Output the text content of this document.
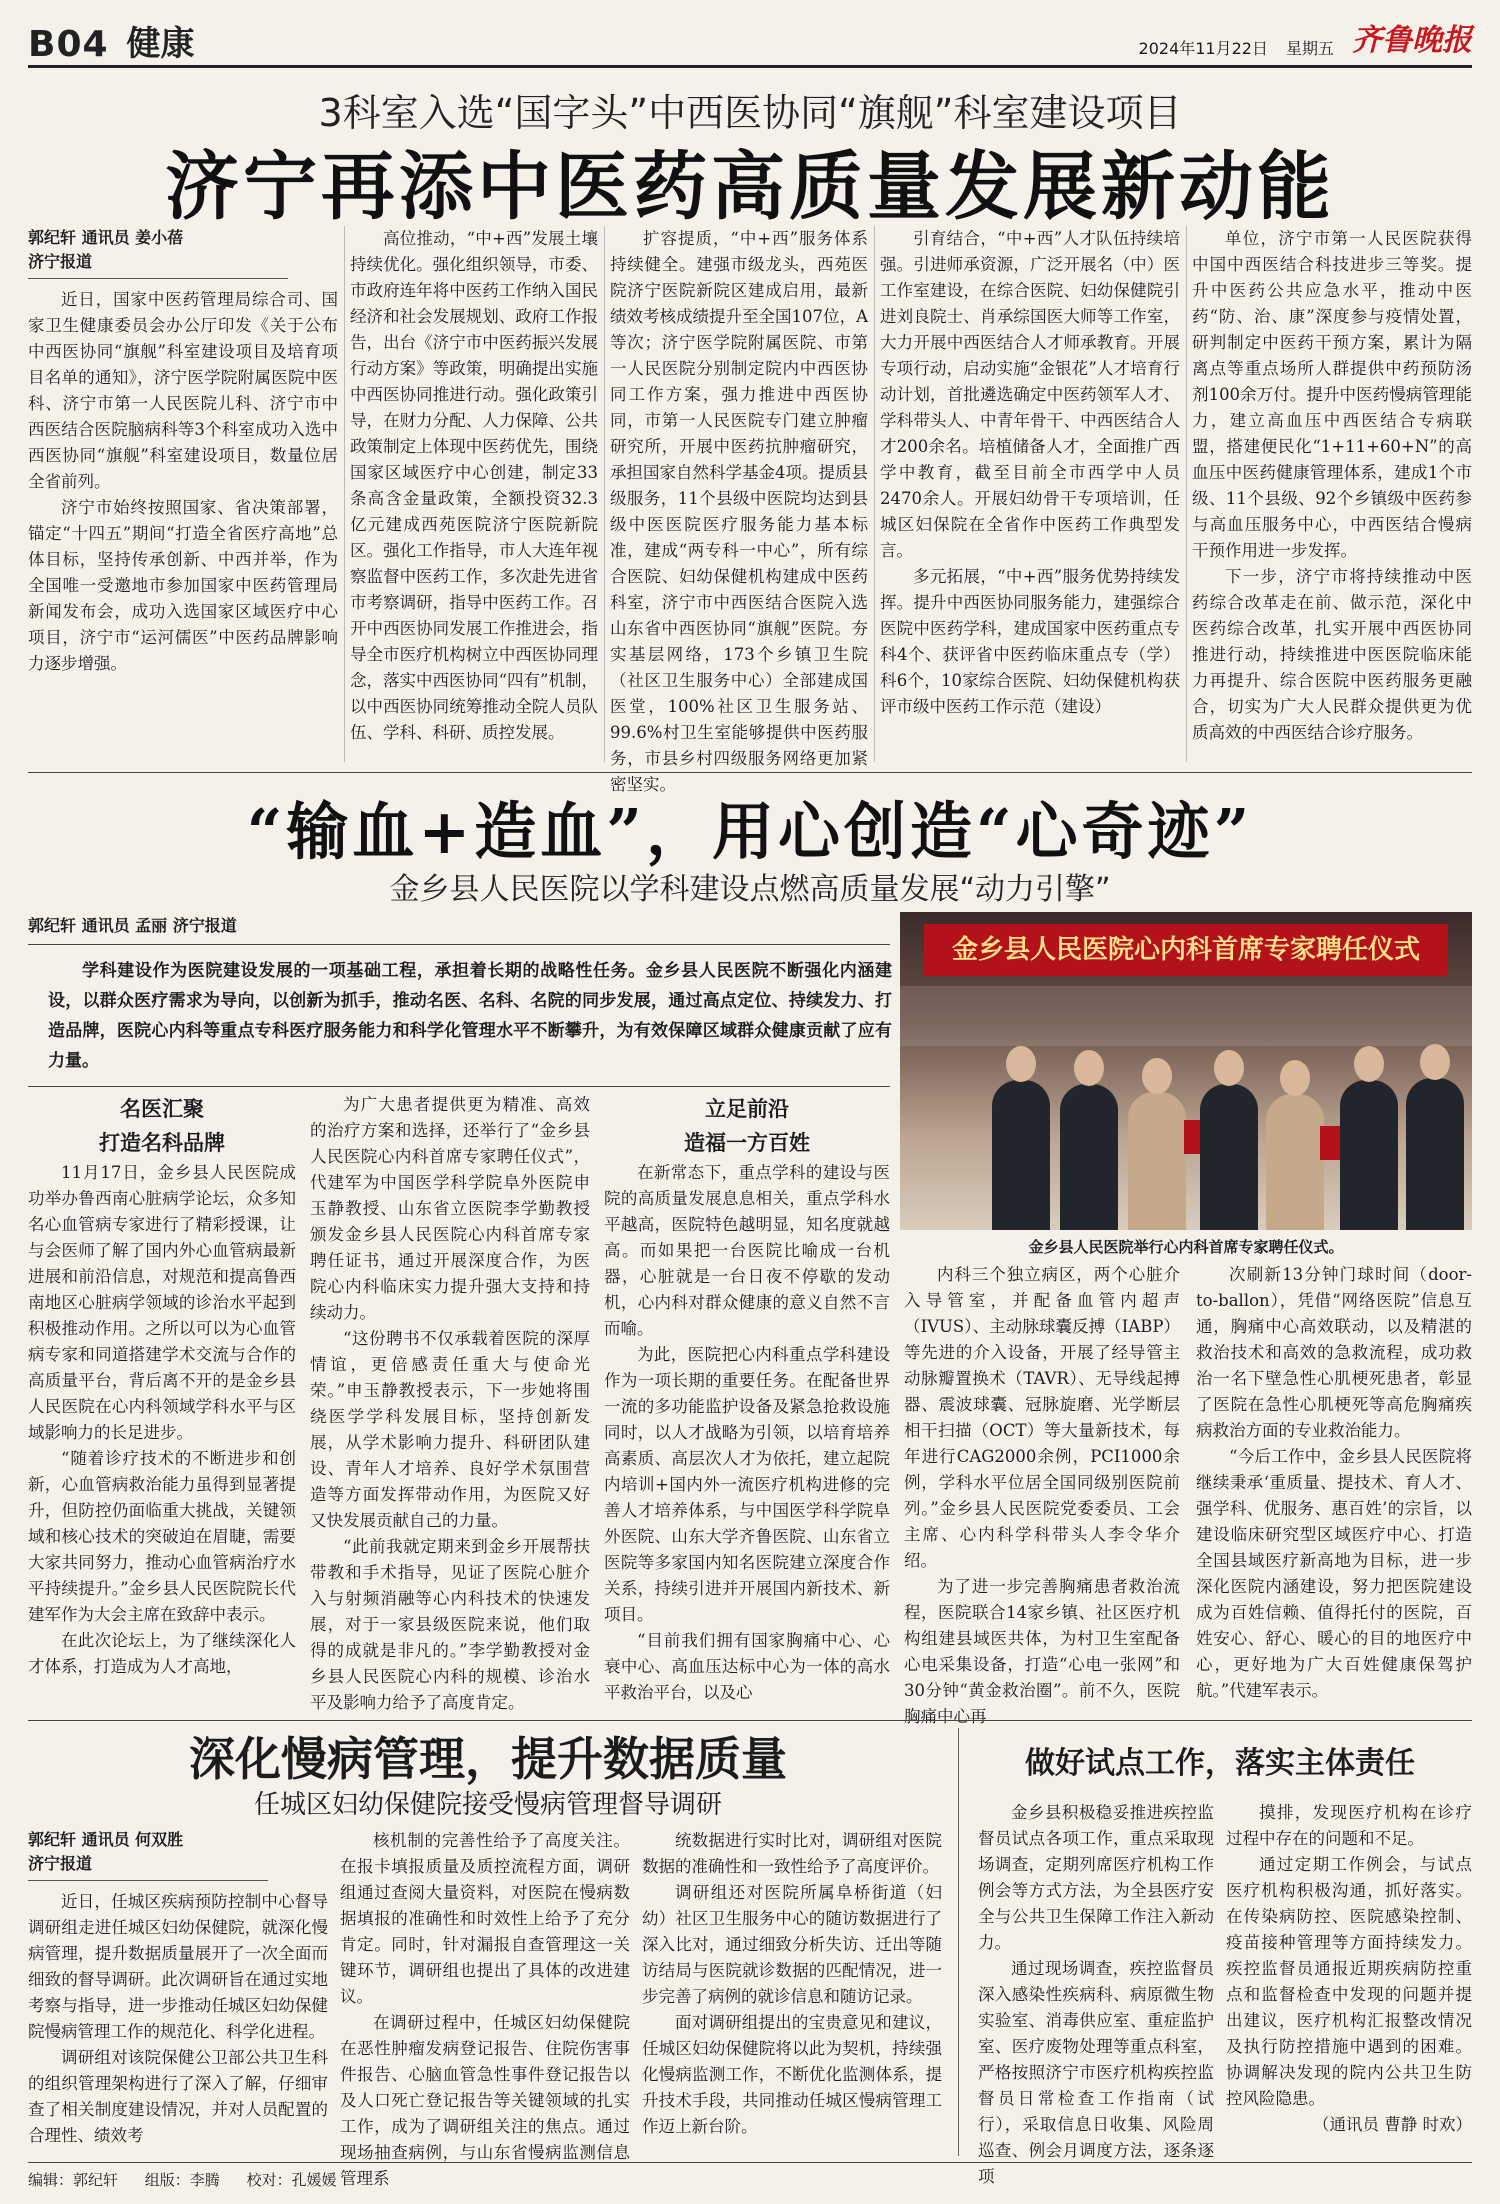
B04 健康	2024年11月22日 星期五 齐鲁晚报
3科室入选“国字头”中西医协同“旗舰”科室建设项目
济宁再添中医药高质量发展新动能
郭纪轩 通讯员 姜小蓓
济宁报道

近日，国家中医药管理局综合司、国家卫生健康委员会办公厅印发《关于公布中西医协同“旗舰”科室建设项目及培育项目名单的通知》，济宁医学院附属医院中医科、济宁市第一人民医院儿科、济宁市中西医结合医院脑病科等3个科室成功入选中西医协同“旗舰”科室建设项目，数量位居全省前列。

济宁市始终按照国家、省决策部署，锚定“十四五”期间“打造全省医疗高地”总体目标，坚持传承创新、中西并举，作为全国唯一受邀地市参加国家中医药管理局新闻发布会，成功入选国家区域医疗中心项目，济宁市“运河儒医”中医药品牌影响力逐步增强。

高位推动，“中+西”发展土壤持续优化。强化组织领导，市委、市政府连年将中医药工作纳入国民经济和社会发展规划、政府工作报告，出台《济宁市中医药振兴发展行动方案》等政策，明确提出实施中西医协同推进行动。强化政策引导，在财力分配、人力保障、公共政策制定上体现中医药优先，围绕国家区域医疗中心创建，制定33条高含金量政策，全额投资32.3亿元建成西苑医院济宁医院新院区。强化工作指导，市人大连年视察监督中医药工作，多次赴先进省市考察调研，指导中医药工作。召开中西医协同发展工作推进会，指导全市医疗机构树立中西医协同理念，落实中西医协同“四有”机制，以中西医协同统筹推动全院人员队伍、学科、科研、质控发展。

扩容提质，“中+西”服务体系持续健全。建强市级龙头，西苑医院济宁医院新院区建成启用，最新绩效考核成绩提升至全国107位，A等次；济宁医学院附属医院、市第一人民医院分别制定院内中西医协同工作方案，强力推进中西医协同，市第一人民医院专门建立肿瘤研究所，开展中医药抗肿瘤研究，承担国家自然科学基金4项。提质县级服务，11个县级中医院均达到县级中医医院医疗服务能力基本标准，建成“两专科一中心”，所有综合医院、妇幼保健机构建成中医药科室，济宁市中西医结合医院入选山东省中西医协同“旗舰”医院。夯实基层网络，173个乡镇卫生院（社区卫生服务中心）全部建成国医堂，100%社区卫生服务站、99.6%村卫生室能够提供中医药服务，市县乡村四级服务网络更加紧密坚实。

引育结合，“中+西”人才队伍持续培强。引进师承资源，广泛开展名（中）医工作室建设，在综合医院、妇幼保健院引进刘良院士、肖承综国医大师等工作室，大力开展中西医结合人才师承教育。开展专项行动，启动实施“金银花”人才培育行动计划，首批遴选确定中医药领军人才、学科带头人、中青年骨干、中西医结合人才200余名。培植储备人才，全面推广西学中教育，截至目前全市西学中人员2470余人。开展妇幼骨干专项培训，任城区妇保院在全省作中医药工作典型发言。

多元拓展，“中+西”服务优势持续发挥。提升中西医协同服务能力，建强综合医院中医药学科，建成国家中医药重点专科4个、获评省中医药临床重点专（学）科6个，10家综合医院、妇幼保健机构获评市级中医药工作示范（建设）

单位，济宁市第一人民医院获得中国中西医结合科技进步三等奖。提升中医药公共应急水平，推动中医药“防、治、康”深度参与疫情处置，研判制定中医药干预方案，累计为隔离点等重点场所人群提供中药预防汤剂100余万付。提升中医药慢病管理能力，建立高血压中西医结合专病联盟，搭建便民化“1+11+60+N”的高血压中医药健康管理体系，建成1个市级、11个县级、92个乡镇级中医药参与高血压服务中心，中西医结合慢病干预作用进一步发挥。

下一步，济宁市将持续推动中医药综合改革走在前、做示范，深化中医药综合改革，扎实开展中西医协同推进行动，持续推进中医医院临床能力再提升、综合医院中医药服务更融合，切实为广大人民群众提供更为优质高效的中西医结合诊疗服务。

“输血+造血”，用心创造“心奇迹”
金乡县人民医院以学科建设点燃高质量发展“动力引擎”
郭纪轩 通讯员 孟丽 济宁报道
学科建设作为医院建设发展的一项基础工程，承担着长期的战略性任务。金乡县人民医院不断强化内涵建设，以群众医疗需求为导向，以创新为抓手，推动名医、名科、名院的同步发展，通过高点定位、持续发力、打造品牌，医院心内科等重点专科医疗服务能力和科学化管理水平不断攀升，为有效保障区域群众健康贡献了应有力量。
金乡县人民医院心内科首席专家聘任仪式
金乡县人民医院举行心内科首席专家聘任仪式。
名医汇聚
打造名科品牌

11月17日，金乡县人民医院成功举办鲁西南心脏病学论坛，众多知名心血管病专家进行了精彩授课，让与会医师了解了国内外心血管病最新进展和前沿信息，对规范和提高鲁西南地区心脏病学领域的诊治水平起到积极推动作用。之所以可以为心血管病专家和同道搭建学术交流与合作的高质量平台，背后离不开的是金乡县人民医院在心内科领域学科水平与区域影响力的长足进步。

“随着诊疗技术的不断进步和创新，心血管病救治能力虽得到显著提升，但防控仍面临重大挑战，关键领域和核心技术的突破迫在眉睫，需要大家共同努力，推动心血管病治疗水平持续提升。”金乡县人民医院院长代建军作为大会主席在致辞中表示。

在此次论坛上，为了继续深化人才体系，打造成为人才高地，

为广大患者提供更为精准、高效的治疗方案和选择，还举行了“金乡县人民医院心内科首席专家聘任仪式”，代建军为中国医学科学院阜外医院申玉静教授、山东省立医院李学勤教授颁发金乡县人民医院心内科首席专家聘任证书，通过开展深度合作，为医院心内科临床实力提升强大支持和持续动力。

“这份聘书不仅承载着医院的深厚情谊，更倍感责任重大与使命光荣。”申玉静教授表示，下一步她将围绕医学学科发展目标，坚持创新发展，从学术影响力提升、科研团队建设、青年人才培养、良好学术氛围营造等方面发挥带动作用，为医院又好又快发展贡献自己的力量。

“此前我就定期来到金乡开展帮扶带教和手术指导，见证了医院心脏介入与射频消融等心内科技术的快速发展，对于一家县级医院来说，他们取得的成就是非凡的。”李学勤教授对金乡县人民医院心内科的规模、诊治水平及影响力给予了高度肯定。

立足前沿
造福一方百姓

在新常态下，重点学科的建设与医院的高质量发展息息相关，重点学科水平越高，医院特色越明显，知名度就越高。而如果把一台医院比喻成一台机器，心脏就是一台日夜不停歇的发动机，心内科对群众健康的意义自然不言而喻。

为此，医院把心内科重点学科建设作为一项长期的重要任务。在配备世界一流的多功能监护设备及紧急抢救设施同时，以人才战略为引领，以培育培养高素质、高层次人才为依托，建立起院内培训+国内外一流医疗机构进修的完善人才培养体系，与中国医学科学院阜外医院、山东大学齐鲁医院、山东省立医院等多家国内知名医院建立深度合作关系，持续引进并开展国内新技术、新项目。

“目前我们拥有国家胸痛中心、心衰中心、高血压达标中心为一体的高水平救治平台，以及心

内科三个独立病区，两个心脏介入导管室，并配备血管内超声（IVUS）、主动脉球囊反搏（IABP）等先进的介入设备，开展了经导管主动脉瓣置换术（TAVR）、无导线起搏器、震波球囊、冠脉旋磨、光学断层相干扫描（OCT）等大量新技术，每年进行CAG2000余例，PCI1000余例，学科水平位居全国同级别医院前列。”金乡县人民医院党委委员、工会主席、心内科学科带头人李令华介绍。

为了进一步完善胸痛患者救治流程，医院联合14家乡镇、社区医疗机构组建县域医共体，为村卫生室配备心电采集设备，打造“心电一张网”和30分钟“黄金救治圈”。前不久，医院胸痛中心再

次刷新13分钟门球时间（door-to-ballon），凭借“网络医院”信息互通，胸痛中心高效联动，以及精湛的救治技术和高效的急救流程，成功救治一名下壁急性心肌梗死患者，彰显了医院在急性心肌梗死等高危胸痛疾病救治方面的专业救治能力。

“今后工作中，金乡县人民医院将继续秉承‘重质量、提技术、育人才、强学科、优服务、惠百姓’的宗旨，以建设临床研究型区域医疗中心、打造全国县域医疗新高地为目标，进一步深化医院内涵建设，努力把医院建设成为百姓信赖、值得托付的医院，百姓安心、舒心、暖心的目的地医疗中心，更好地为广大百姓健康保驾护航。”代建军表示。

深化慢病管理，提升数据质量
任城区妇幼保健院接受慢病管理督导调研
郭纪轩 通讯员 何双胜
济宁报道

近日，任城区疾病预防控制中心督导调研组走进任城区妇幼保健院，就深化慢病管理，提升数据质量展开了一次全面而细致的督导调研。此次调研旨在通过实地考察与指导，进一步推动任城区妇幼保健院慢病管理工作的规范化、科学化进程。

调研组对该院保健公卫部公共卫生科的组织管理架构进行了深入了解，仔细审查了相关制度建设情况，并对人员配置的合理性、绩效考

核机制的完善性给予了高度关注。在报卡填报质量及质控流程方面，调研组通过查阅大量资料，对医院在慢病数据填报的准确性和时效性上给予了充分肯定。同时，针对漏报自查管理这一关键环节，调研组也提出了具体的改进建议。

在调研过程中，任城区妇幼保健院在恶性肿瘤发病登记报告、住院伤害事件报告、心脑血管急性事件登记报告以及人口死亡登记报告等关键领域的扎实工作，成为了调研组关注的焦点。通过现场抽查病例，与山东省慢病监测信息管理系

统数据进行实时比对，调研组对医院数据的准确性和一致性给予了高度评价。

调研组还对医院所属阜桥街道（妇幼）社区卫生服务中心的随访数据进行了深入比对，通过细致分析失访、迁出等随访结局与医院就诊数据的匹配情况，进一步完善了病例的就诊信息和随访记录。

面对调研组提出的宝贵意见和建议，任城区妇幼保健院将以此为契机，持续强化慢病监测工作，不断优化监测体系，提升技术手段，共同推动任城区慢病管理工作迈上新台阶。

做好试点工作，落实主体责任

金乡县积极稳妥推进疾控监督员试点各项工作，重点采取现场调查，定期列席医疗机构工作例会等方式方法，为全县医疗安全与公共卫生保障工作注入新动力。

通过现场调查，疾控监督员深入感染性疾病科、病原微生物实验室、消毒供应室、重症监护室、医疗废物处理等重点科室，严格按照济宁市医疗机构疾控监督员日常检查工作指南（试行），采取信息日收集、风险周巡查、例会月调度方法，逐条逐项

摸排，发现医疗机构在诊疗过程中存在的问题和不足。

通过定期工作例会，与试点医疗机构积极沟通，抓好落实。在传染病防控、医院感染控制、疫苗接种管理等方面持续发力。疾控监督员通报近期疾病防控重点和监督检查中发现的问题并提出建议，医疗机构汇报整改情况及执行防控措施中遇到的困难。协调解决发现的院内公共卫生防控风险隐患。

（通讯员 曹静 时欢）

编辑：郭纪轩 组版：李腾 校对：孔媛媛
